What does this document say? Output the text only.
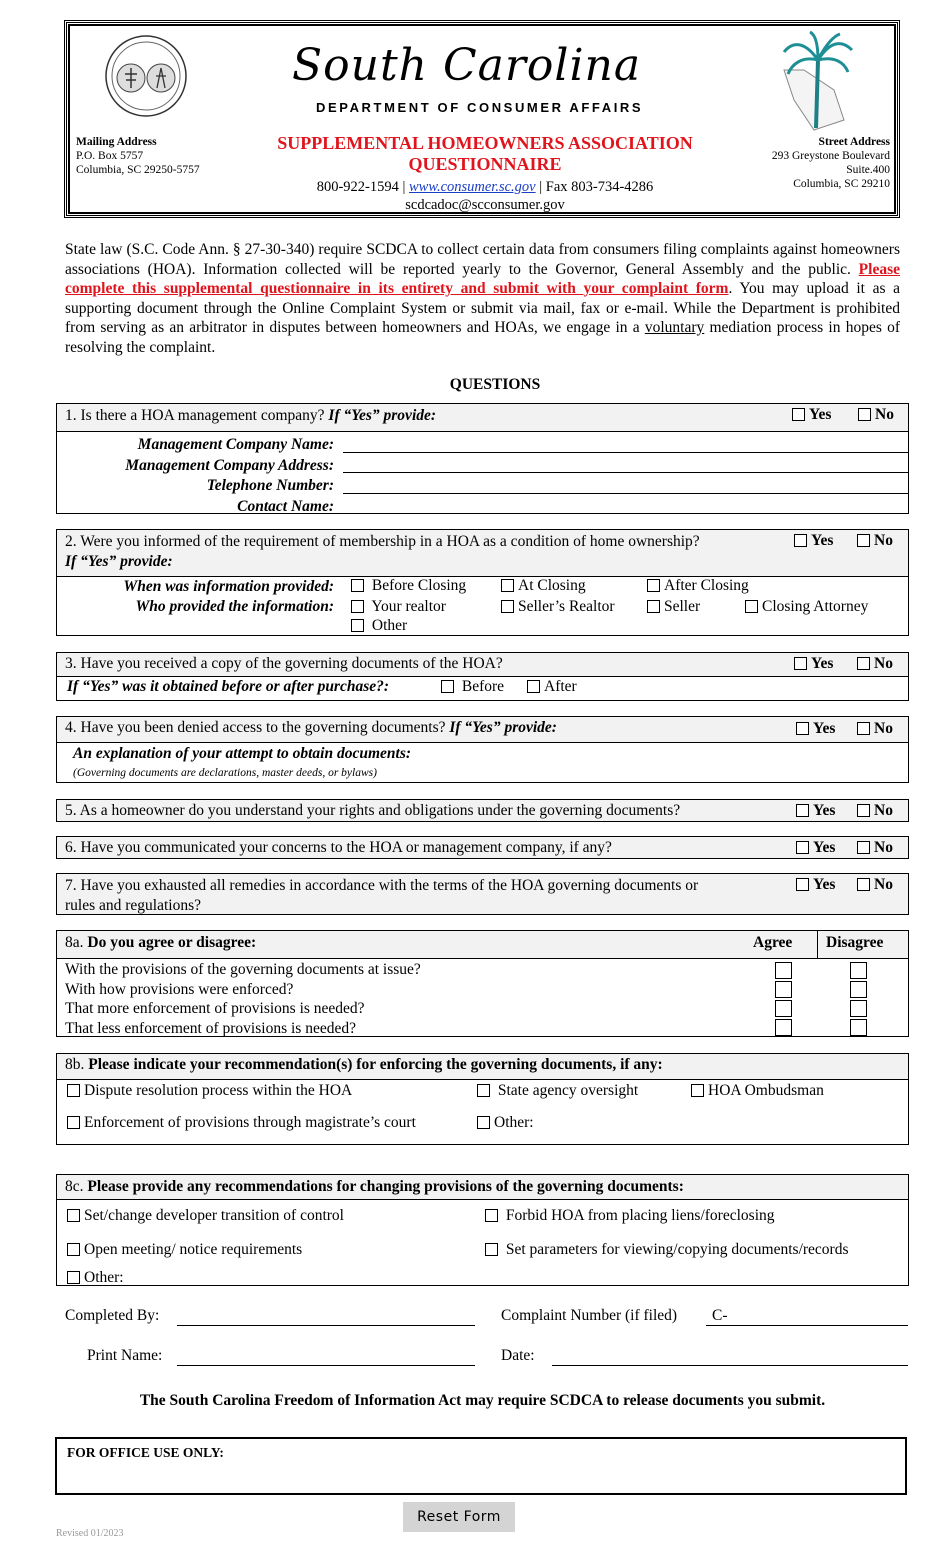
South Carolina
DEPARTMENT OF CONSUMER AFFAIRS
Mailing Address
P.O. Box 5757
Columbia, SC 29250-5757
Street Address
293 Greystone Boulevard
Suite.400
Columbia, SC 29210
SUPPLEMENTAL HOMEOWNERS ASSOCIATION
QUESTIONNAIRE
800-922-1594 | www.consumer.sc.gov | Fax 803-734-4286
scdcadoc@scconsumer.gov
State law (S.C. Code Ann. § 27-30-340) require SCDCA to collect certain data from consumers filing complaints against homeowners associations (HOA). Information collected will be reported yearly to the Governor, General Assembly and the public. Please complete this supplemental questionnaire in its entirety and submit with your complaint form. You may upload it as a supporting document through the Online Complaint System or submit via mail, fax or e-mail. While the Department is prohibited from serving as an arbitrator in disputes between homeowners and HOAs, we engage in a voluntary mediation process in hopes of resolving the complaint.
QUESTIONS
1. Is there a HOA management company? If “Yes” provide:
Management Company Name:
Management Company Address:
Telephone Number:
Contact Name:
Yes	No
2. Were you informed of the requirement of membership in a HOA as a condition of home ownership?
If “Yes” provide:
When was information provided:
Who provided the information:
Before Closing	At Closing	After Closing
Your realtor	Seller’s Realtor	Seller	Closing Attorney
Other
Yes	No
3. Have you received a copy of the governing documents of the HOA?
If “Yes” was it obtained before or after purchase?:	Before	After
Yes	No
4. Have you been denied access to the governing documents? If “Yes” provide:
An explanation of your attempt to obtain documents:
(Governing documents are declarations, master deeds, or bylaws)
Yes	No
5. As a homeowner do you understand your rights and obligations under the governing documents?	Yes	No
6. Have you communicated your concerns to the HOA or management company, if any?	Yes	No
7. Have you exhausted all remedies in accordance with the terms of the HOA governing documents or
rules and regulations?
Yes	No
8a. Do you agree or disagree:	Agree Disagree
With the provisions of the governing documents at issue?
With how provisions were enforced?
That more enforcement of provisions is needed?
That less enforcement of provisions is needed?

8b. Please indicate your recommendation(s) for enforcing the governing documents, if any:
Dispute resolution process within the HOA	State agency oversight	HOA Ombudsman
Enforcement of provisions through magistrate’s court	Other:
8c. Please provide any recommendations for changing provisions of the governing documents:
Set/change developer transition of control	Forbid HOA from placing liens/foreclosing
Open meeting/ notice requirements	Set parameters for viewing/copying documents/records
Other:
Completed By:	Complaint Number (if filed) C-
Print Name:	Date:
The South Carolina Freedom of Information Act may require SCDCA to release documents you submit.
FOR OFFICE USE ONLY:
Reset Form
Revised 01/2023
